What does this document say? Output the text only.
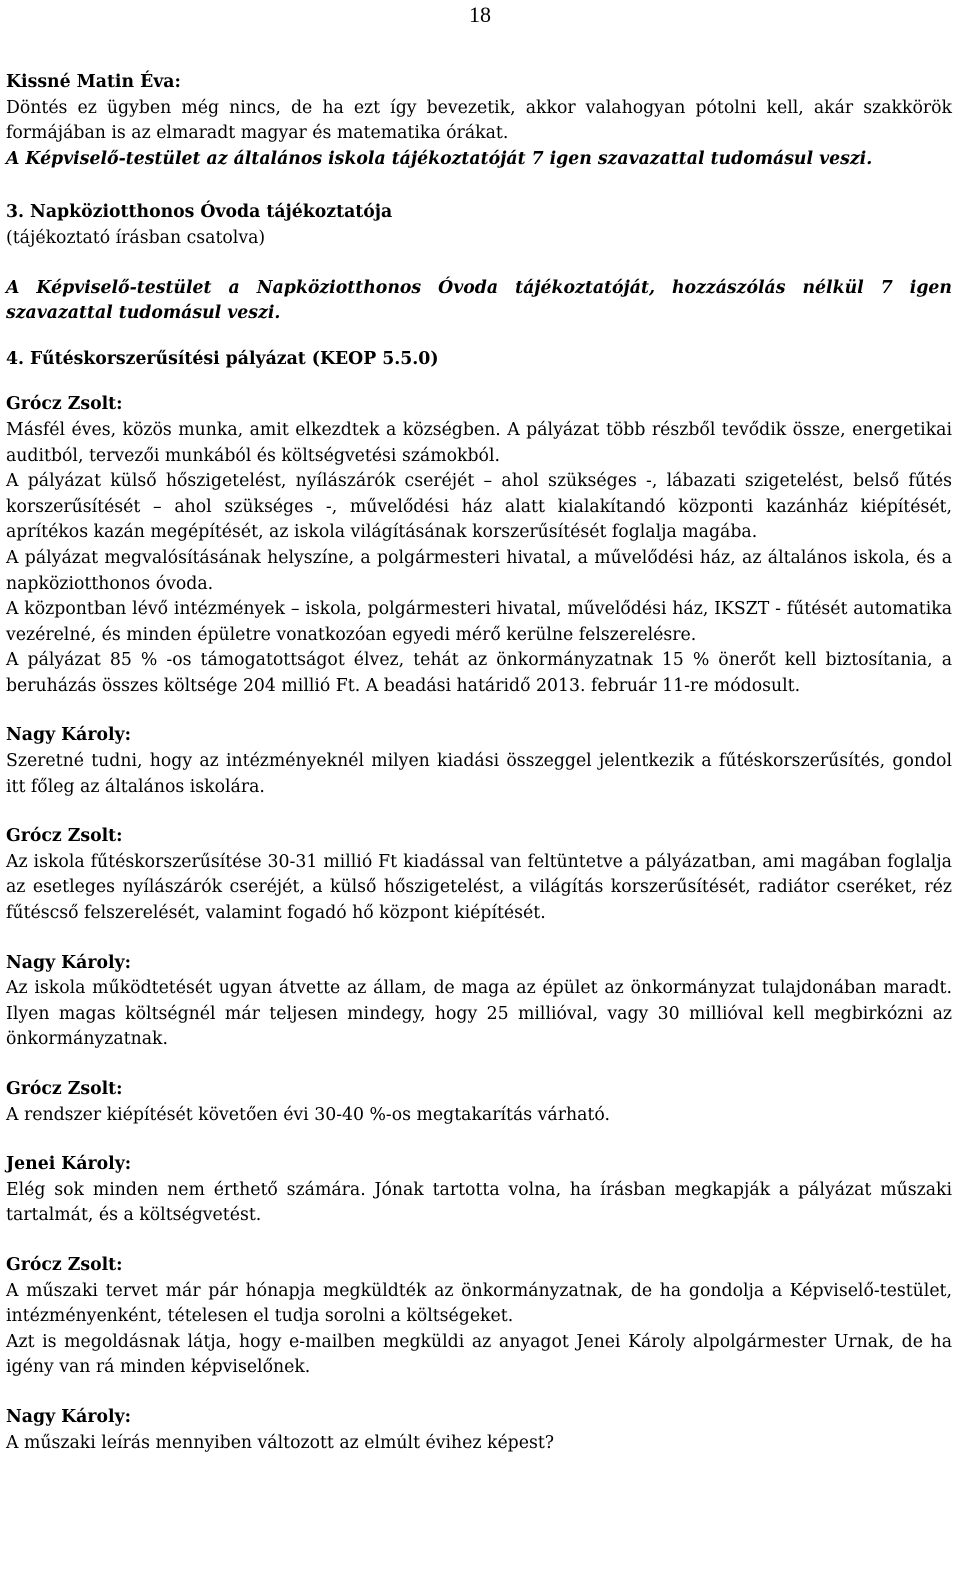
18

Kissné Matin Éva:

Döntés ez ügyben még nincs, de ha ezt így bevezetik, akkor valahogyan pótolni kell, akár szakkörök formájában is az elmaradt magyar és matematika órákat.

A Képviselő-testület az általános iskola tájékoztatóját 7 igen szavazattal tudomásul veszi.

3. Napköziotthonos Óvoda tájékoztatója

(tájékoztató írásban csatolva)

A Képviselő-testület a Napköziotthonos Óvoda tájékoztatóját, hozzászólás nélkül 7 igen szavazattal tudomásul veszi.

4. Fűtéskorszerűsítési pályázat (KEOP 5.5.0)

Grócz Zsolt:

Másfél éves, közös munka, amit elkezdtek a községben. A pályázat több részből tevődik össze, energetikai auditból, tervezői munkából és költségvetési számokból.

A pályázat külső hőszigetelést, nyílászárók cseréjét – ahol szükséges -, lábazati szigetelést, belső fűtés korszerűsítését – ahol szükséges -, művelődési ház alatt kialakítandó központi kazánház kiépítését, aprítékos kazán megépítését, az iskola világításának korszerűsítését foglalja magába.

A pályázat megvalósításának helyszíne, a polgármesteri hivatal, a művelődési ház, az általános iskola, és a napköziotthonos óvoda.

A központban lévő intézmények – iskola, polgármesteri hivatal, művelődési ház, IKSZT - fűtését automatika vezérelné, és minden épületre vonatkozóan egyedi mérő kerülne felszerelésre.

A pályázat 85 % -os támogatottságot élvez, tehát az önkormányzatnak 15 % önerőt kell biztosítania, a beruházás összes költsége 204 millió Ft. A beadási határidő 2013. február 11-re módosult.

Nagy Károly:

Szeretné tudni, hogy az intézményeknél milyen kiadási összeggel jelentkezik a fűtéskorszerűsítés, gondol itt főleg az általános iskolára.

Grócz Zsolt:

Az iskola fűtéskorszerűsítése 30-31 millió Ft kiadással van feltüntetve a pályázatban, ami magában foglalja az esetleges nyílászárók cseréjét, a külső hőszigetelést, a világítás korszerűsítését, radiátor cseréket, réz fűtéscső felszerelését, valamint fogadó hő központ kiépítését.

Nagy Károly:

Az iskola működtetését ugyan átvette az állam, de maga az épület az önkormányzat tulajdonában maradt. Ilyen magas költségnél már teljesen mindegy, hogy 25 millióval, vagy 30 millióval kell megbirkózni az önkormányzatnak.

Grócz Zsolt:

A rendszer kiépítését követően évi 30-40 %-os megtakarítás várható.

Jenei Károly:

Elég sok minden nem érthető számára. Jónak tartotta volna, ha írásban megkapják a pályázat műszaki tartalmát, és a költségvetést.

Grócz Zsolt:

A műszaki tervet már pár hónapja megküldték az önkormányzatnak, de ha gondolja a Képviselő-testület, intézményenként, tételesen el tudja sorolni a költségeket.

Azt is megoldásnak látja, hogy e-mailben megküldi az anyagot Jenei Károly alpolgármester Urnak, de ha igény van rá minden képviselőnek.

Nagy Károly:

A műszaki leírás mennyiben változott az elmúlt évihez képest?
